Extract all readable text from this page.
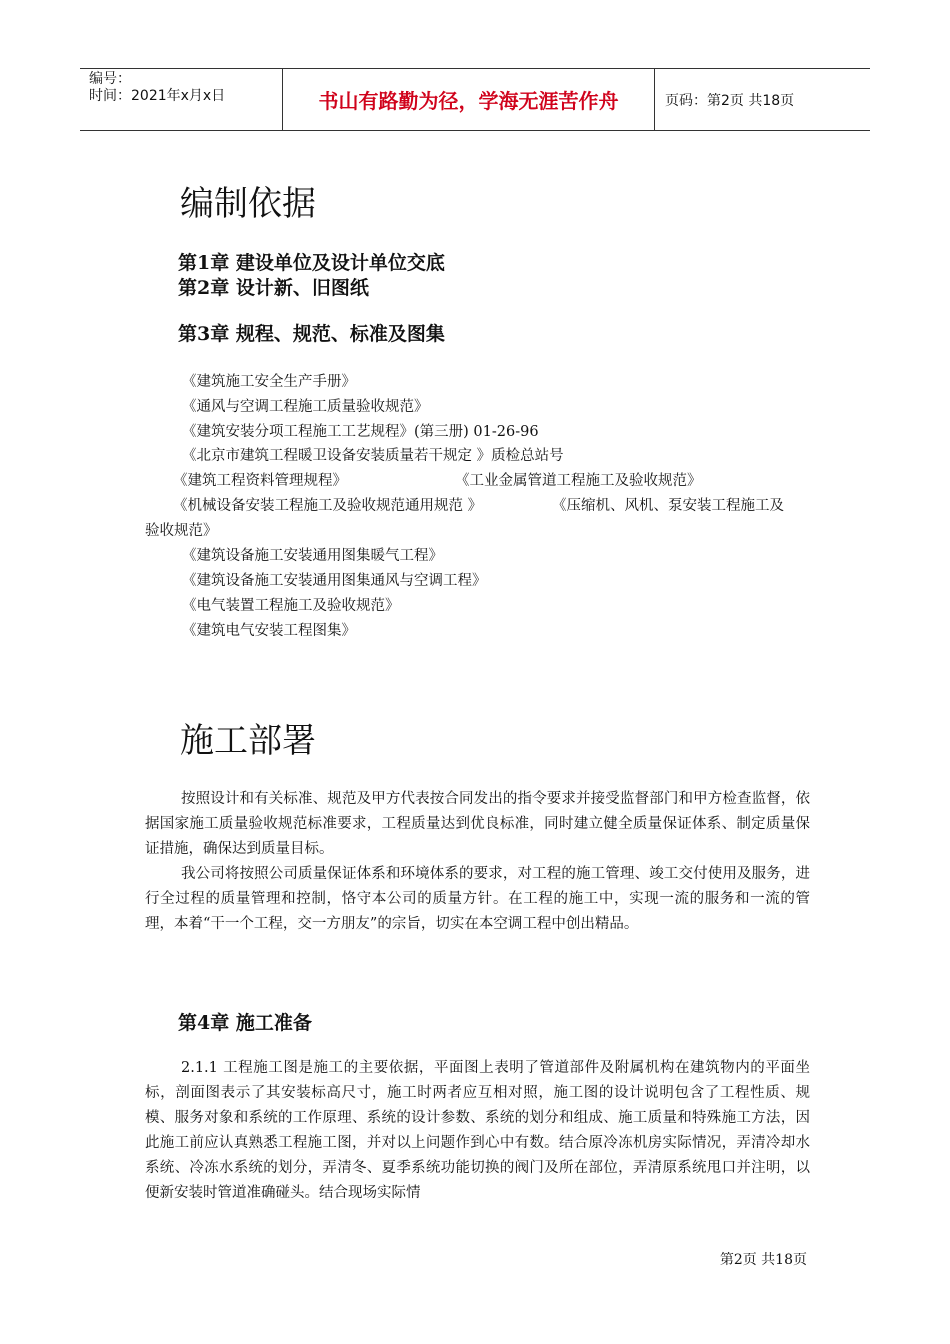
编号：
时间：2021年x月x日	书山有路勤为径，学海无涯苦作舟	页码：第2页 共18页
编制依据
第1章 建设单位及设计单位交底
第2章 设计新、旧图纸
第3章 规程、规范、标准及图集
《建筑施工安全生产手册》
《通风与空调工程施工质量验收规范》
《建筑安装分项工程施工工艺规程》(第三册) 01-26-96
《北京市建筑工程暖卫设备安装质量若干规定 》质检总站号
《建筑工程资料管理规程》	《工业金属管道工程施工及验收规范》
《机械设备安装工程施工及验收规范通用规范 》	《压缩机、风机、泵安装工程施工及
验收规范》
《建筑设备施工安装通用图集暖气工程》
《建筑设备施工安装通用图集通风与空调工程》
《电气装置工程施工及验收规范》
《建筑电气安装工程图集》
施工部署
按照设计和有关标准、规范及甲方代表按合同发出的指令要求并接受监督部门和甲方检查监督，依据国家施工质量验收规范标准要求，工程质量达到优良标准，同时建立健全质量保证体系、制定质量保证措施，确保达到质量目标。
我公司将按照公司质量保证体系和环境体系的要求，对工程的施工管理、竣工交付使用及服务，进行全过程的质量管理和控制，恪守本公司的质量方针。在工程的施工中，实现一流的服务和一流的管理，本着“干一个工程，交一方朋友”的宗旨，切实在本空调工程中创出精品。
第4章 施工准备
2.1.1 工程施工图是施工的主要依据，平面图上表明了管道部件及附属机构在建筑物内的平面坐标，剖面图表示了其安装标高尺寸，施工时两者应互相对照，施工图的设计说明包含了工程性质、规模、服务对象和系统的工作原理、系统的设计参数、系统的划分和组成、施工质量和特殊施工方法，因此施工前应认真熟悉工程施工图，并对以上问题作到心中有数。结合原冷冻机房实际情况，弄清冷却水系统、冷冻水系统的划分，弄清冬、夏季系统功能切换的阀门及所在部位，弄清原系统甩口并注明，以便新安装时管道准确碰头。结合现场实际情
第2页 共18页
